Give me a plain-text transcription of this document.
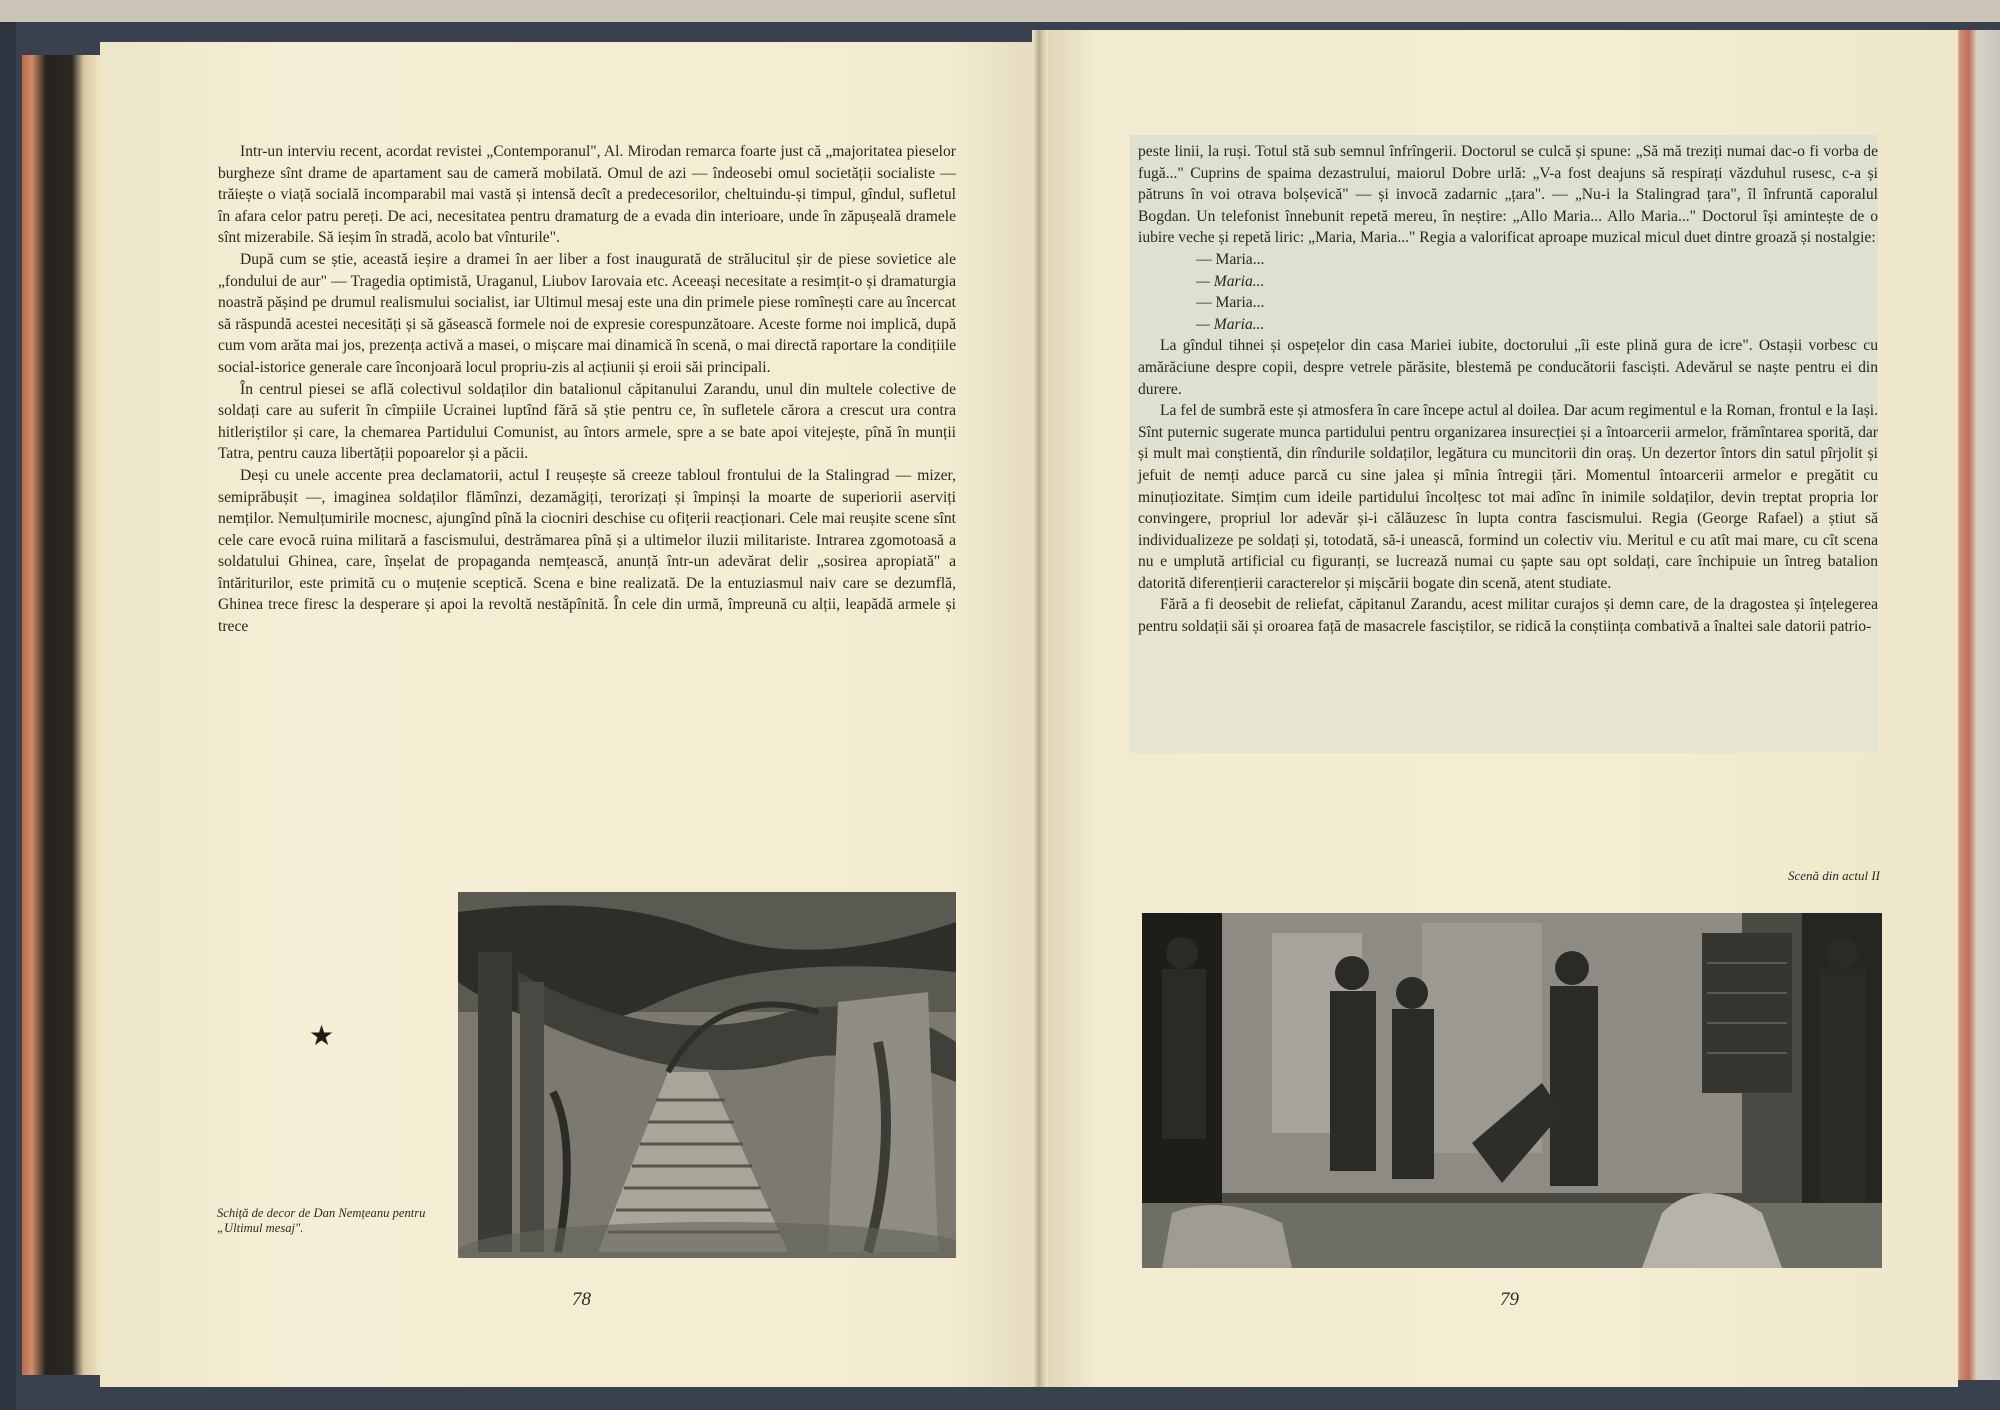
Intr-un interviu recent, acordat revistei „Contemporanul", Al. Mirodan remarca foarte just că „majoritatea pieselor burgheze sînt drame de apartament sau de cameră mobilată. Omul de azi — îndeosebi omul societății socialiste — trăiește o viață socială incomparabil mai vastă și intensă decît a predecesorilor, cheltuindu-și timpul, gîndul, sufletul în afara celor patru pereți. De aci, necesitatea pentru dramaturg de a evada din interioare, unde în zăpușeală dramele sînt mizerabile. Să ieșim în stradă, acolo bat vînturile".

După cum se știe, această ieșire a dramei în aer liber a fost inaugurată de strălucitul șir de piese sovietice ale „fondului de aur" — Tragedia optimistă, Uraganul, Liubov Iarovaia etc. Aceeași necesitate a resimțit-o și dramaturgia noastră pășind pe drumul realismului socialist, iar Ultimul mesaj este una din primele piese romînești care au încercat să răspundă acestei necesități și să găsească formele noi de expresie corespunzătoare. Aceste forme noi implică, după cum vom arăta mai jos, prezența activă a masei, o mișcare mai dinamică în scenă, o mai directă raportare la condițiile social-istorice generale care înconjoară locul propriu-zis al acțiunii și eroii săi principali.

În centrul piesei se află colectivul soldaților din batalionul căpitanului Zarandu, unul din multele colective de soldați care au suferit în cîmpiile Ucrainei luptînd fără să știe pentru ce, în sufletele cărora a crescut ura contra hitleriștilor și care, la chemarea Partidului Comunist, au întors armele, spre a se bate apoi vitejește, pînă în munții Tatra, pentru cauza libertății popoarelor și a păcii.

Deși cu unele accente prea declamatorii, actul I reușește să creeze tabloul frontului de la Stalingrad — mizer, semiprăbușit —, imaginea soldaților flămînzi, dezamăgiți, terorizați și împinși la moarte de superiorii aserviți nemților. Nemulțumirile mocnesc, ajungînd pînă la ciocniri deschise cu ofițerii reacționari. Cele mai reușite scene sînt cele care evocă ruina militară a fascismului, destrămarea pînă și a ultimelor iluzii militariste. Intrarea zgomotoasă a soldatului Ghinea, care, înșelat de propaganda nemțească, anunță într-un adevărat delir „sosirea apropiată" a întăriturilor, este primită cu o muțenie sceptică. Scena e bine realizată. De la entuziasmul naiv care se dezumflă, Ghinea trece firesc la desperare și apoi la revoltă nestăpînită. În cele din urmă, împreună cu alții, leapădă armele și trece

★
Schiță de decor de Dan Nemțeanu pentru „Ultimul mesaj".
78

peste linii, la ruși. Totul stă sub semnul înfrîngerii. Doctorul se culcă și spune: „Să mă treziți numai dac-o fi vorba de fugă..." Cuprins de spaima dezastrului, maiorul Dobre urlă: „V-a fost deajuns să respirați văzduhul rusesc, c-a și pătruns în voi otrava bolșevică" — și invocă zadarnic „țara". — „Nu-i la Stalingrad țara", îl înfruntă caporalul Bogdan. Un telefonist înnebunit repetă mereu, în neștire: „Allo Maria... Allo Maria..." Doctorul își amintește de o iubire veche și repetă liric: „Maria, Maria..." Regia a valorificat aproape muzical micul duet dintre groază și nostalgie:

— Maria...

— Maria...

— Maria...

— Maria...

La gîndul tihnei și ospețelor din casa Mariei iubite, doctorului „îi este plină gura de icre". Ostașii vorbesc cu amărăciune despre copii, despre vetrele părăsite, blestemă pe conducătorii fasciști. Adevărul se naște pentru ei din durere.

La fel de sumbră este și atmosfera în care începe actul al doilea. Dar acum regimentul e la Roman, frontul e la Iași. Sînt puternic sugerate munca partidului pentru organizarea insurecției și a întoarcerii armelor, frămîntarea sporită, dar și mult mai conștientă, din rîndurile soldaților, legătura cu muncitorii din oraș. Un dezertor întors din satul pîrjolit și jefuit de nemți aduce parcă cu sine jalea și mînia întregii țări. Momentul întoarcerii armelor e pregătit cu minuțiozitate. Simțim cum ideile partidului încolțesc tot mai adînc în inimile soldaților, devin treptat propria lor convingere, propriul lor adevăr și-i călăuzesc în lupta contra fascismului. Regia (George Rafael) a știut să individualizeze pe soldați și, totodată, să-i unească, formind un colectiv viu. Meritul e cu atît mai mare, cu cît scena nu e umplută artificial cu figuranți, se lucrează numai cu șapte sau opt soldați, care închipuie un întreg batalion datorită diferențierii caracterelor și mișcării bogate din scenă, atent studiate.

Fără a fi deosebit de reliefat, căpitanul Zarandu, acest militar curajos și demn care, de la dragostea și înțelegerea pentru soldații săi și oroarea față de masacrele fasciștilor, se ridică la conștiința combativă a înaltei sale datorii patrio-

Scenă din actul II
79
